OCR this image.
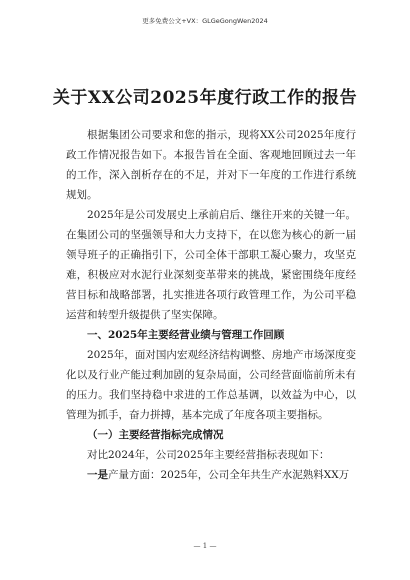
更多免费公文+VX：GLGeGongWen2024
关于XX公司2025年度行政工作的报告

根据集团公司要求和您的指示，现将XX公司2025年度行政工作情况报告如下。本报告旨在全面、客观地回顾过去一年的工作，深入剖析存在的不足，并对下一年度的工作进行系统规划。

2025年是公司发展史上承前启后、继往开来的关键一年。在集团公司的坚强领导和大力支持下，在以您为核心的新一届领导班子的正确指引下，公司全体干部职工凝心聚力，攻坚克难，积极应对水泥行业深刻变革带来的挑战，紧密围绕年度经营目标和战略部署，扎实推进各项行政管理工作，为公司平稳运营和转型升级提供了坚实保障。

一、2025年主要经营业绩与管理工作回顾

2025年，面对国内宏观经济结构调整、房地产市场深度变化以及行业产能过剩加剧的复杂局面，公司经营面临前所未有的压力。我们坚持稳中求进的工作总基调，以效益为中心，以管理为抓手，奋力拼搏，基本完成了年度各项主要指标。

（一）主要经营指标完成情况

对比2024年，公司2025年主要经营指标表现如下：

一是产量方面：2025年，公司全年共生产水泥熟料XX万

— 1 —
